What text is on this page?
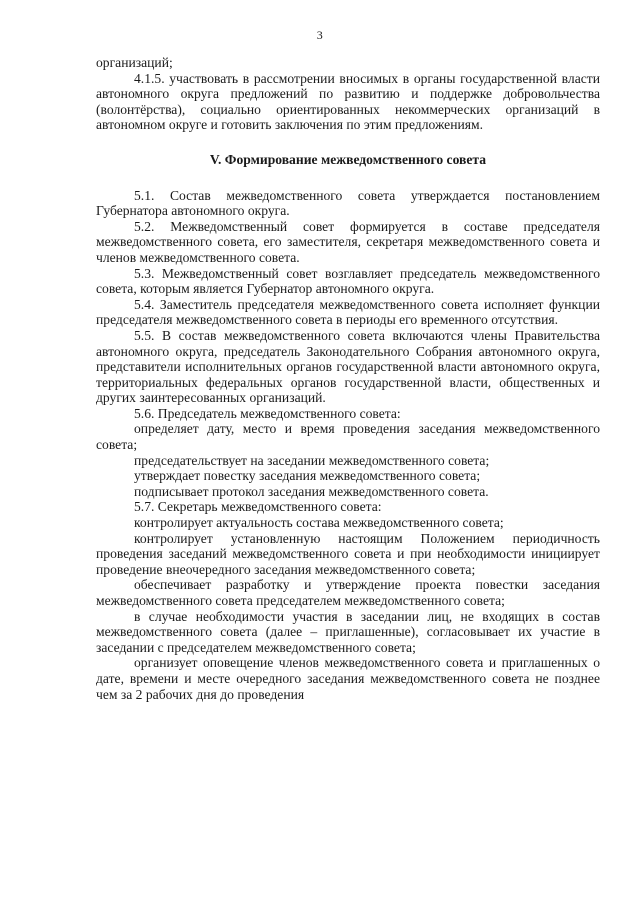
3

организаций;

4.1.5. участвовать в рассмотрении вносимых в органы государственной власти автономного округа предложений по развитию и поддержке добровольчества (волонтёрства), социально ориентированных некоммерческих организаций в автономном округе и готовить заключения по этим предложениям.

V. Формирование межведомственного совета

5.1. Состав межведомственного совета утверждается постановлением Губернатора автономного округа.

5.2. Межведомственный совет формируется в составе председателя межведомственного совета, его заместителя, секретаря межведомственного совета и членов межведомственного совета.

5.3. Межведомственный совет возглавляет председатель межведомственного совета, которым является Губернатор автономного округа.

5.4. Заместитель председателя межведомственного совета исполняет функции председателя межведомственного совета в периоды его временного отсутствия.

5.5. В состав межведомственного совета включаются члены Правительства автономного округа, председатель Законодательного Собрания автономного округа, представители исполнительных органов государственной власти автономного округа, территориальных федеральных органов государственной власти, общественных и других заинтересованных организаций.

5.6. Председатель межведомственного совета:

определяет дату, место и время проведения заседания межведомственного совета;

председательствует на заседании межведомственного совета;

утверждает повестку заседания межведомственного совета;

подписывает протокол заседания межведомственного совета.

5.7. Секретарь межведомственного совета:

контролирует актуальность состава межведомственного совета;

контролирует установленную настоящим Положением периодичность проведения заседаний межведомственного совета и при необходимости инициирует проведение внеочередного заседания межведомственного совета;

обеспечивает разработку и утверждение проекта повестки заседания межведомственного совета председателем межведомственного совета;

в случае необходимости участия в заседании лиц, не входящих в состав межведомственного совета (далее – приглашенные), согласовывает их участие в заседании с председателем межведомственного совета;

организует оповещение членов межведомственного совета и приглашенных о дате, времени и месте очередного заседания межведомственного совета не позднее чем за 2 рабочих дня до проведения
